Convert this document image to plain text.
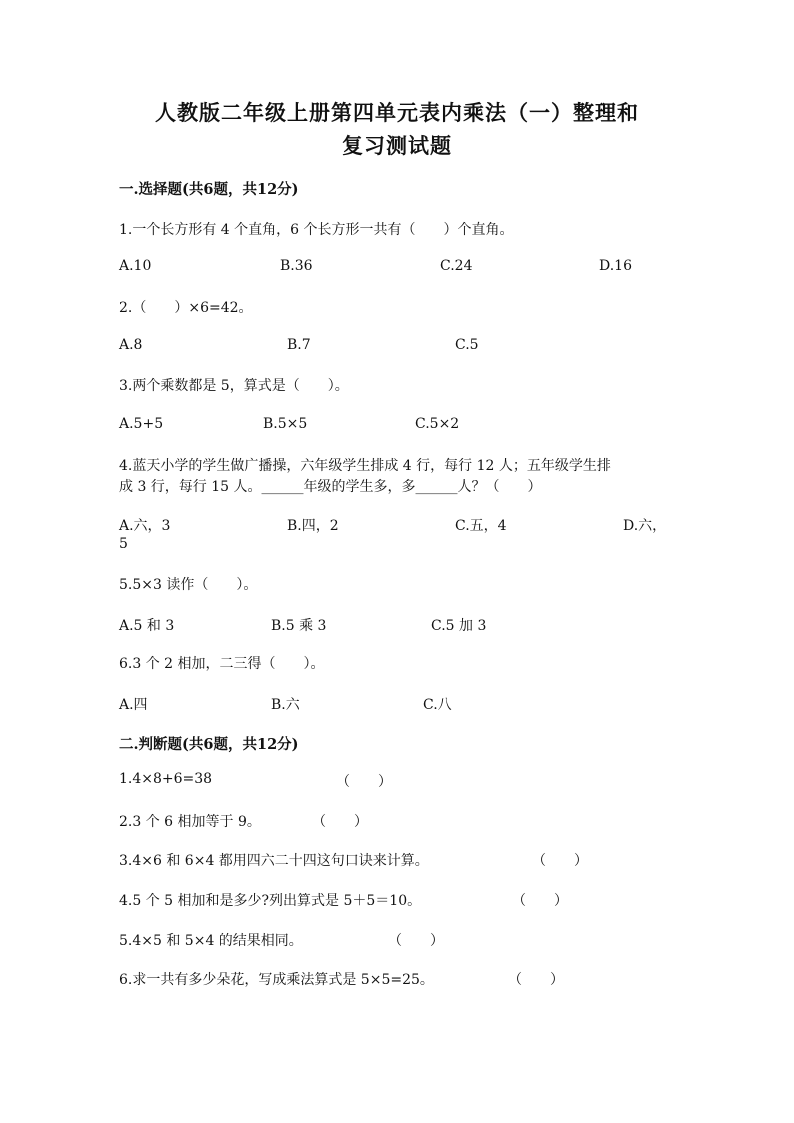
人教版二年级上册第四单元表内乘法（一）整理和
复习测试题
一.选择题(共6题，共12分)
1.一个长方形有 4 个直角，6 个长方形一共有（　　）个直角。
A.10	B.36	C.24	D.16
2.（　　）×6=42。
A.8	B.7	C.5
3.两个乘数都是 5，算式是（　　）。
A.5+5	B.5×5	C.5×2
4.蓝天小学的学生做广播操，六年级学生排成 4 行，每行 12 人；五年级学生排
成 3 行，每行 15 人。______年级的学生多，多______人？（　　）
A.六，3	B.四，2	C.五，4	D.六，
5
5.5×3 读作（　　）。
A.5 和 3	B.5 乘 3	C.5 加 3
6.3 个 2 相加，二三得（　　）。
A.四	B.六	C.八
二.判断题(共6题，共12分)
1.4×8+6=38	（　　）
2.3 个 6 相加等于 9。	（　　）
3.4×6 和 6×4 都用四六二十四这句口诀来计算。	（　　）
4.5 个 5 相加和是多少?列出算式是 5＋5＝10。	（　　）
5.4×5 和 5×4 的结果相同。	（　　）
6.求一共有多少朵花，写成乘法算式是 5×5=25。	（　　）
